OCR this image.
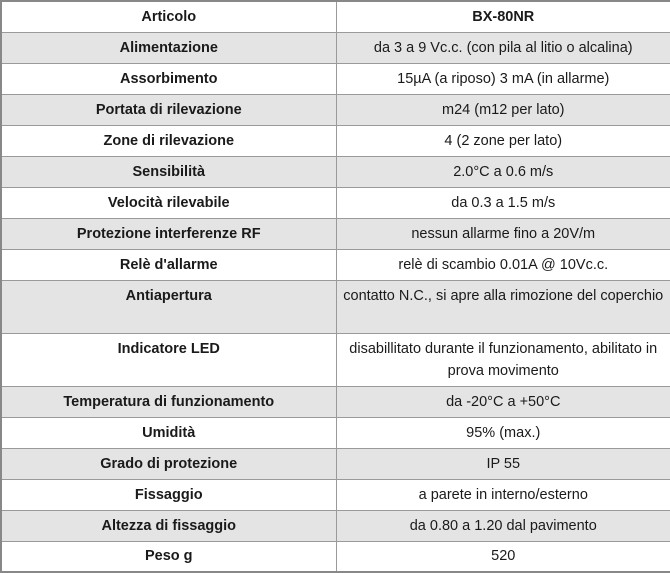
Articolo	BX-80NR
Alimentazione	da 3 a 9 Vc.c. (con pila al litio o alcalina)
Assorbimento	15µA (a riposo) 3 mA (in allarme)
Portata di rilevazione	m24 (m12 per lato)
Zone di rilevazione	4 (2 zone per lato)
Sensibilità	2.0°C a 0.6 m/s
Velocità rilevabile	da 0.3 a 1.5 m/s
Protezione interferenze RF	nessun allarme fino a 20V/m
Relè d'allarme	relè di scambio 0.01A @ 10Vc.c.
Antiapertura	contatto N.C., si apre alla rimozione del coperchio
Indicatore LED	disabillitato durante il funzionamento, abilitato in prova movimento
Temperatura di funzionamento	da -20°C a +50°C
Umidità	95% (max.)
Grado di protezione	IP 55
Fissaggio	a parete in interno/esterno
Altezza di fissaggio	da 0.80 a 1.20 dal pavimento
Peso g	520
